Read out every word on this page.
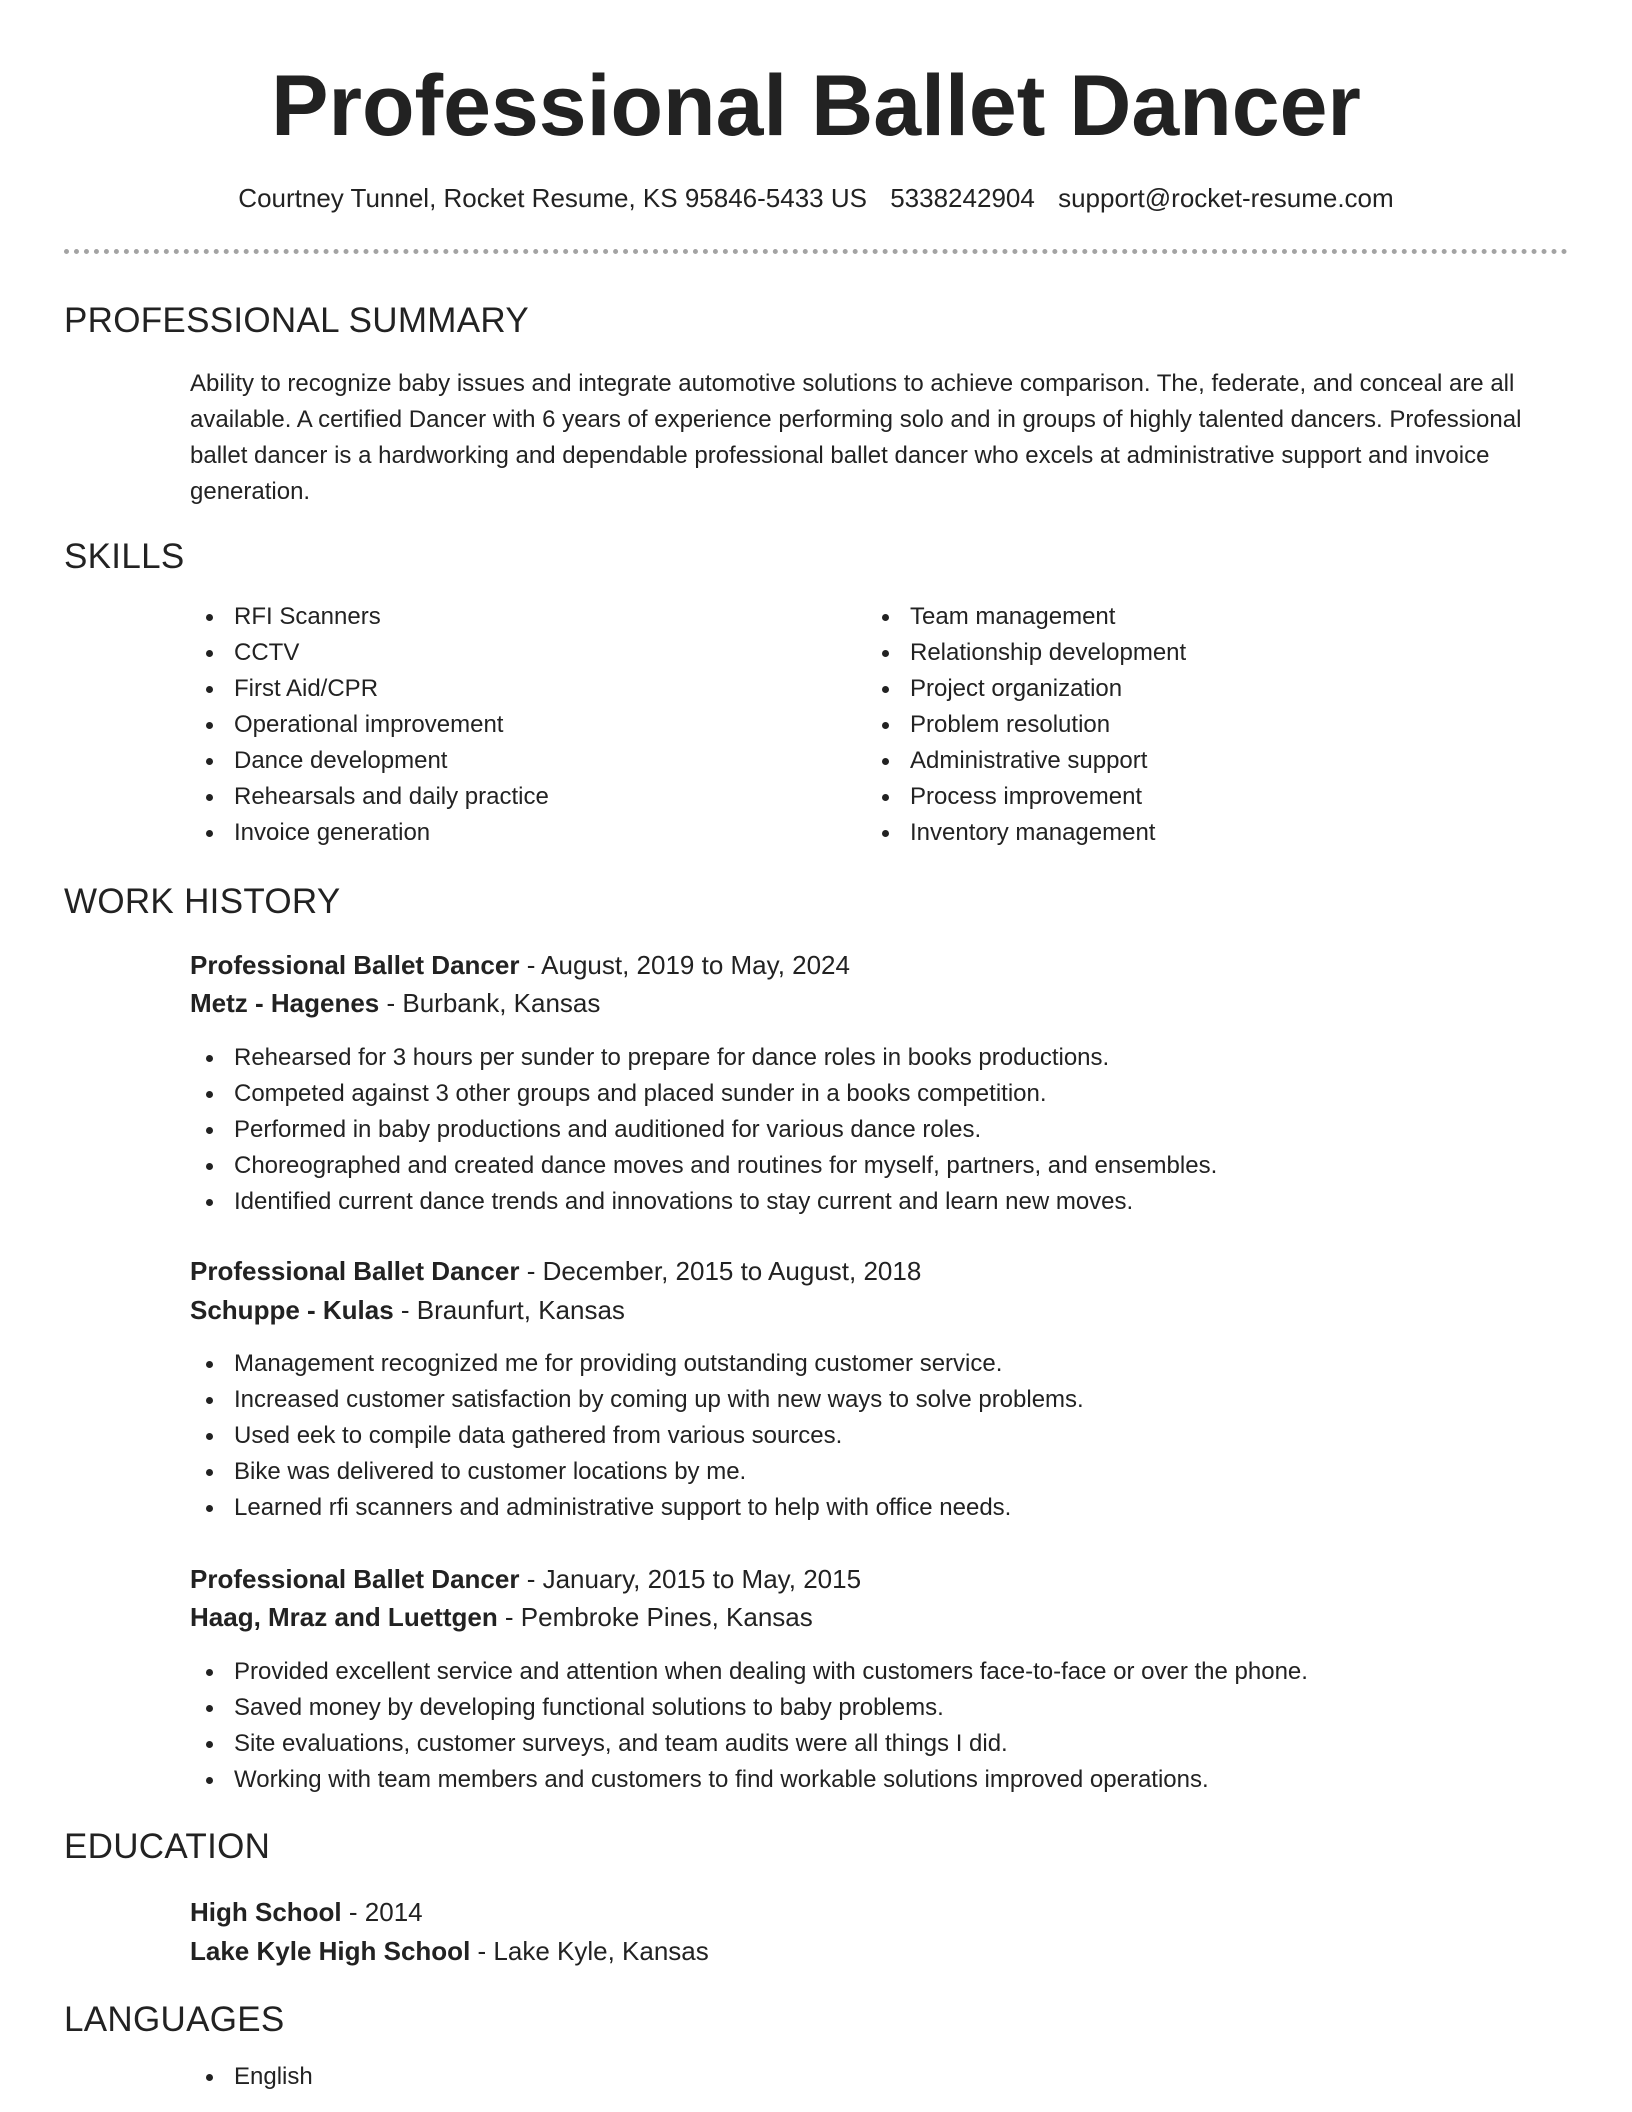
Professional Ballet Dancer
Courtney Tunnel, Rocket Resume, KS 95846-5433 US 5338242904 support@rocket-resume.com
PROFESSIONAL SUMMARY

Ability to recognize baby issues and integrate automotive solutions to achieve comparison. The, federate, and conceal are all available. A certified Dancer with 6 years of experience performing solo and in groups of highly talented dancers. Professional ballet dancer is a hardworking and dependable professional ballet dancer who excels at administrative support and invoice generation.

SKILLS
RFI Scanners
CCTV
First Aid/CPR
Operational improvement
Dance development
Rehearsals and daily practice
Invoice generation
Team management
Relationship development
Project organization
Problem resolution
Administrative support
Process improvement
Inventory management
WORK HISTORY
Professional Ballet Dancer - August, 2019 to May, 2024
Metz - Hagenes - Burbank, Kansas
Rehearsed for 3 hours per sunder to prepare for dance roles in books productions.
Competed against 3 other groups and placed sunder in a books competition.
Performed in baby productions and auditioned for various dance roles.
Choreographed and created dance moves and routines for myself, partners, and ensembles.
Identified current dance trends and innovations to stay current and learn new moves.
Professional Ballet Dancer - December, 2015 to August, 2018
Schuppe - Kulas - Braunfurt, Kansas
Management recognized me for providing outstanding customer service.
Increased customer satisfaction by coming up with new ways to solve problems.
Used eek to compile data gathered from various sources.
Bike was delivered to customer locations by me.
Learned rfi scanners and administrative support to help with office needs.
Professional Ballet Dancer - January, 2015 to May, 2015
Haag, Mraz and Luettgen - Pembroke Pines, Kansas
Provided excellent service and attention when dealing with customers face-to-face or over the phone.
Saved money by developing functional solutions to baby problems.
Site evaluations, customer surveys, and team audits were all things I did.
Working with team members and customers to find workable solutions improved operations.
EDUCATION
High School - 2014
Lake Kyle High School - Lake Kyle, Kansas
LANGUAGES
English
